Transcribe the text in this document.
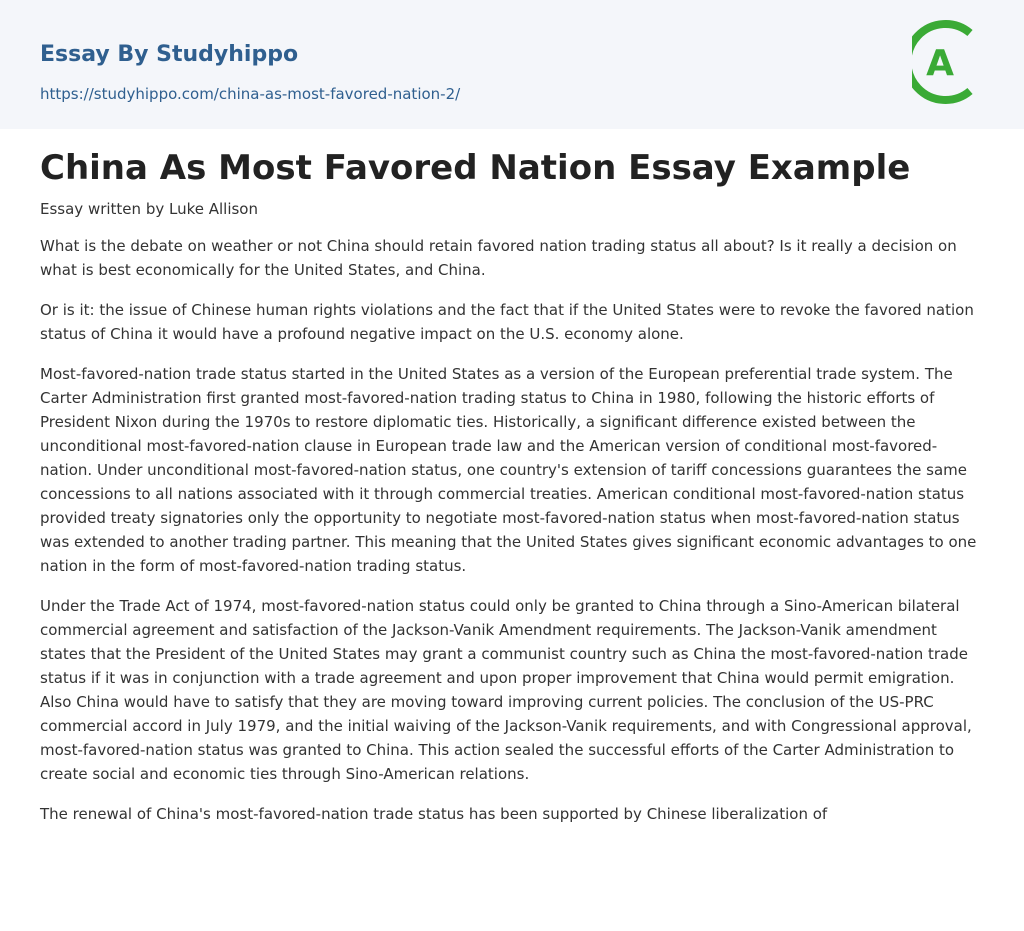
Essay By Studyhippo
https://studyhippo.com/china-as-most-favored-nation-2/
A
China As Most Favored Nation Essay Example
Essay written by Luke Allison

What is the debate on weather or not China should retain favored nation trading status all about? Is it really a decision on what is best economically for the United States, and China.

Or is it: the issue of Chinese human rights violations and the fact that if the United States were to revoke the favored nation status of China it would have a profound negative impact on the U.S. economy alone.

Most-favored-nation trade status started in the United States as a version of the European preferential trade system. The Carter Administration first granted most-favored-nation trading status to China in 1980, following the historic efforts of President Nixon during the 1970s to restore diplomatic ties. Historically, a significant difference existed between the unconditional most-favored-nation clause in European trade law and the American version of conditional most-favored-nation. Under unconditional most-favored-nation status, one country's extension of tariff concessions guarantees the same concessions to all nations associated with it through commercial treaties. American conditional most-favored-nation status provided treaty signatories only the opportunity to negotiate most-favored-nation status when most-favored-nation status was extended to another trading partner. This meaning that the United States gives significant economic advantages to one nation in the form of most-favored-nation trading status.

Under the Trade Act of 1974, most-favored-nation status could only be granted to China through a Sino-American bilateral commercial agreement and satisfaction of the Jackson-Vanik Amendment requirements. The Jackson-Vanik amendment states that the President of the United States may grant a communist country such as China the most-favored-nation trade status if it was in conjunction with a trade agreement and upon proper improvement that China would permit emigration. Also China would have to satisfy that they are moving toward improving current policies. The conclusion of the US-PRC commercial accord in July 1979, and the initial waiving of the Jackson-Vanik requirements, and with Congressional approval, most-favored-nation status was granted to China. This action sealed the successful efforts of the Carter Administration to create social and economic ties through Sino-American relations.

The renewal of China's most-favored-nation trade status has been supported by Chinese liberalization of
